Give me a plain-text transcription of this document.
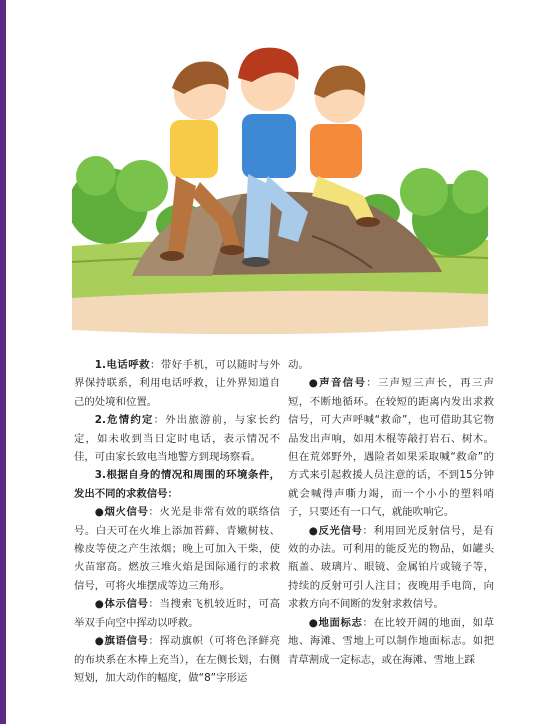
1.电话呼救：带好手机，可以随时与外界保持联系，利用电话呼救，让外界知道自己的处境和位置。

2.危情约定：外出旅游前，与家长约定，如未收到当日定时电话，表示情况不佳，可由家长致电当地警方到现场察看。

3.根据自身的情况和周围的环境条件，发出不同的求救信号：

●烟火信号：火光是非常有效的联络信号。白天可在火堆上添加苔藓、青嫩树枝、橡皮等使之产生浓烟；晚上可加入干柴，使火苗窜高。燃放三堆火焰是国际通行的求救信号，可将火堆摆成等边三角形。

●体示信号：当搜索飞机较近时，可高举双手向空中挥动以呼救。

●旗语信号：挥动旗帜（可将色泽鲜亮的布块系在木棒上充当），在左侧长划，右侧短划，加大动作的幅度，做“8”字形运

动。

●声音信号：三声短三声长，再三声短，不断地循环。在较短的距离内发出求救信号，可大声呼喊“救命”，也可借助其它物品发出声响，如用木棍等敲打岩石、树木。但在荒郊野外，遇险者如果采取喊“救命”的方式来引起救援人员注意的话，不到15分钟就会喊得声嘶力竭，而一个小小的塑料哨子，只要还有一口气，就能吹响它。

●反光信号：利用回光反射信号，是有效的办法。可利用的能反光的物品，如罐头瓶盖、玻璃片、眼镜、金属铂片或镜子等，持续的反射可引人注目；夜晚用手电筒，向求救方向不间断的发射求救信号。

●地面标志：在比较开阔的地面，如草地、海滩、雪地上可以制作地面标志。如把青草割成一定标志，或在海滩、雪地上踩
